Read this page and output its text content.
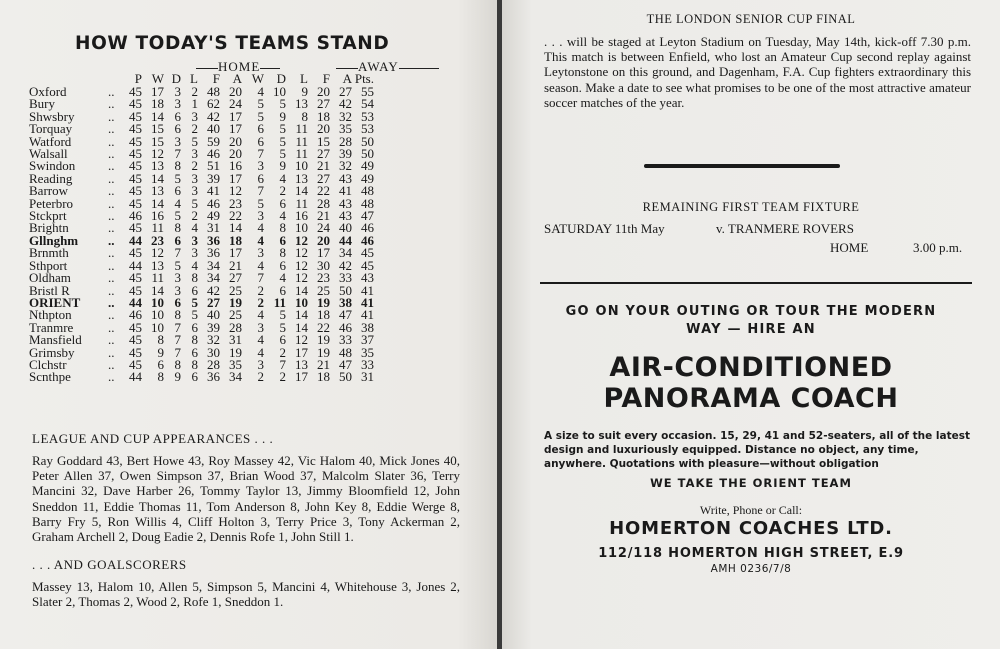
HOW TODAY'S TEAMS STAND
HOME	AWAY
		P	W	D	L	F	A	W	D	L	F	A	Pts.
Oxford	..	45	17	3	2	48	20	4	10	9	20	27	55
Bury	..	45	18	3	1	62	24	5	5	13	27	42	54
Shwsbry	..	45	14	6	3	42	17	5	9	8	18	32	53
Torquay	..	45	15	6	2	40	17	6	5	11	20	35	53
Watford	..	45	15	3	5	59	20	6	5	11	15	28	50
Walsall	..	45	12	7	3	46	20	7	5	11	27	39	50
Swindon	..	45	13	8	2	51	16	3	9	10	21	32	49
Reading	..	45	14	5	3	39	17	6	4	13	27	43	49
Barrow	..	45	13	6	3	41	12	7	2	14	22	41	48
Peterbro	..	45	14	4	5	46	23	5	6	11	28	43	48
Stckprt	..	46	16	5	2	49	22	3	4	16	21	43	47
Brightn	..	45	11	8	4	31	14	4	8	10	24	40	46
Gllnghm	..	44	23	6	3	36	18	4	6	12	20	44	46
Brnmth	..	45	12	7	3	36	17	3	8	12	17	34	45
Sthport	..	44	13	5	4	34	21	4	6	12	30	42	45
Oldham	..	45	11	3	8	34	27	7	4	12	23	33	43
Bristl R	..	45	14	3	6	42	25	2	6	14	25	50	41
ORIENT	..	44	10	6	5	27	19	2	11	10	19	38	41
Nthpton	..	46	10	8	5	40	25	4	5	14	18	47	41
Tranmre	..	45	10	7	6	39	28	3	5	14	22	46	38
Mansfield	..	45	8	7	8	32	31	4	6	12	19	33	37
Grimsby	..	45	9	7	6	30	19	4	2	17	19	48	35
Clchstr	..	45	6	8	8	28	35	3	7	13	21	47	33
Scnthpe	..	44	8	9	6	36	34	2	2	17	18	50	31
LEAGUE AND CUP APPEARANCES . . .
Ray Goddard 43, Bert Howe 43, Roy Massey 42, Vic Halom 40, Mick Jones 40, Peter Allen 37, Owen Simpson 37, Brian Wood 37, Malcolm Slater 36, Terry Mancini 32, Dave Harber 26, Tommy Taylor 13, Jimmy Bloomfield 12, John Sneddon 11, Eddie Thomas 11, Tom Anderson 8, John Key 8, Eddie Werge 8, Barry Fry 5, Ron Willis 4, Cliff Holton 3, Terry Price 3, Tony Ackerman 2, Graham Archell 2, Doug Eadie 2, Dennis Rofe 1, John Still 1.
. . . AND GOALSCORERS
Massey 13, Halom 10, Allen 5, Simpson 5, Mancini 4, Whitehouse 3, Jones 2, Slater 2, Thomas 2, Wood 2, Rofe 1, Sneddon 1.
THE LONDON SENIOR CUP FINAL
. . . will be staged at Leyton Stadium on Tuesday, May 14th, kick-off 7.30 p.m. This match is between Enfield, who lost an Amateur Cup second replay against Leytonstone on this ground, and Dagenham, F.A. Cup fighters extraordinary this season. Make a date to see what promises to be one of the most attractive amateur soccer matches of the year.
REMAINING FIRST TEAM FIXTURE
SATURDAY 11th May	v. TRANMERE ROVERS
HOME	3.00 p.m.
GO ON YOUR OUTING OR TOUR THE MODERN
WAY — HIRE AN
AIR-CONDITIONED
PANORAMA COACH
A size to suit every occasion. 15, 29, 41 and 52-seaters, all of the latest design and luxuriously equipped. Distance no object, any time, anywhere. Quotations with pleasure—without obligation
WE TAKE THE ORIENT TEAM
Write, Phone or Call:
HOMERTON COACHES LTD.
112/118 HOMERTON HIGH STREET, E.9
AMH 0236/7/8
